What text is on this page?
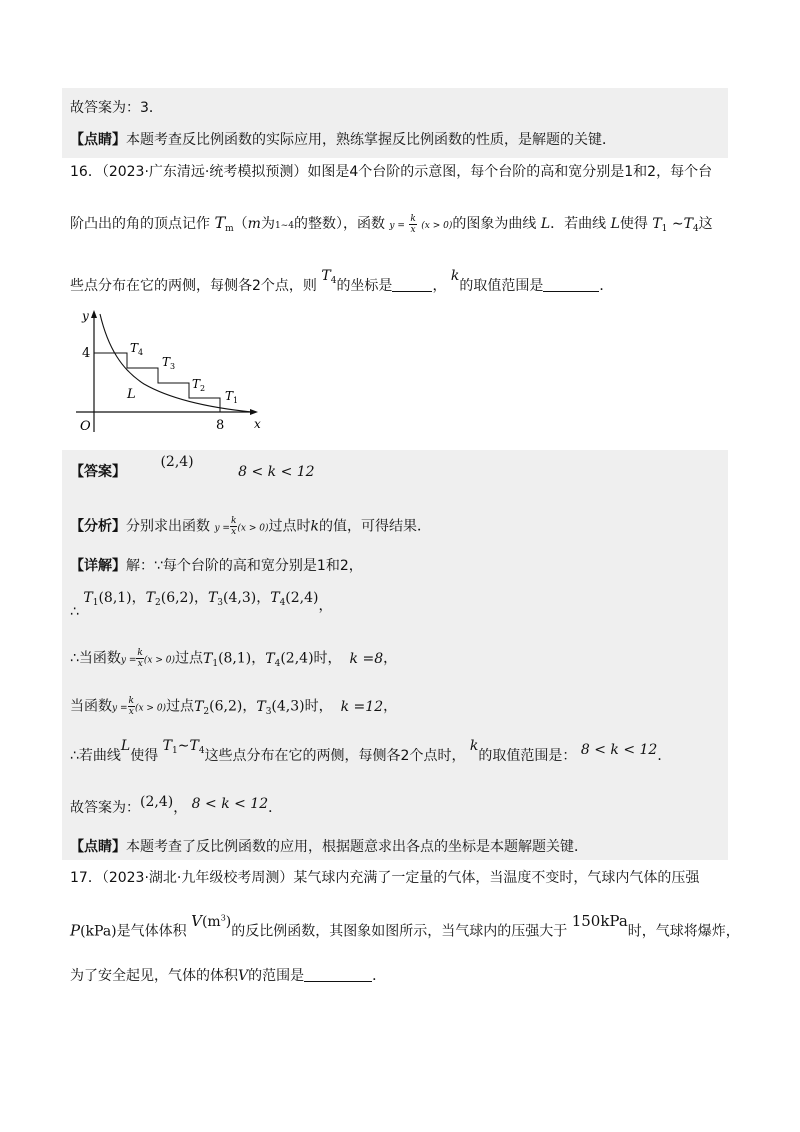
故答案为：3．
【点睛】本题考查反比例函数的实际应用，熟练掌握反比例函数的性质，是解题的关键．
16．（2023·广东清远·统考模拟预测）如图是4个台阶的示意图，每个台阶的高和宽分别是1和2，每个台
阶凸出的角的顶点记作 $T_m(m$为1∼4的整数），函数 $y = \frac{k}{x} (x > 0)$的图象为曲线 L．若曲线 L使得 $T_1$ $\sim T_4$这
些点分布在它的两侧，每侧各2个点，则 $T_4$的坐标是	， k的取值范围是	．
y
x
O
4
8
T 4
T 3
T 2
T 1
L
【答案】 (2,4) 8 < k < 12
【分析】分别求出函数 $y = \frac{k}{x} (x > 0)$过点时k的值，可得结果．
【详解】解：∵每个台阶的高和宽分别是1和2，
∴ $T_1(8,1)$，$T_2(6,2)$，$T_3(4,3)$，$T_4(2,4)$，
∴当函数$y = \frac{k}{x} (x > 0)$过点$T_1(8,1)$，$T_4(2,4)$时， k =8，
当函数$y = \frac{k}{x} (x > 0)$过点$T_2(6,2)$，$T_3(4,3)$时， k =12，
∴若曲线L使得 $T_1\sim T_4$这些点分布在它的两侧，每侧各2个点时， k的取值范围是： 8 < k < 12．
故答案为：(2,4)， 8 < k < 12．
【点睛】本题考查了反比例函数的应用，根据题意求出各点的坐标是本题解题关键．
17．（2023·湖北·九年级校考周测）某气球内充满了一定量的气体，当温度不变时，气球内气体的压强
P(kPa)是气体体积 $V(m^3)$的反比例函数，其图象如图所示，当气球内的压强大于 150kPa时，气球将爆炸，
为了安全起见，气体的体积V的范围是	．
